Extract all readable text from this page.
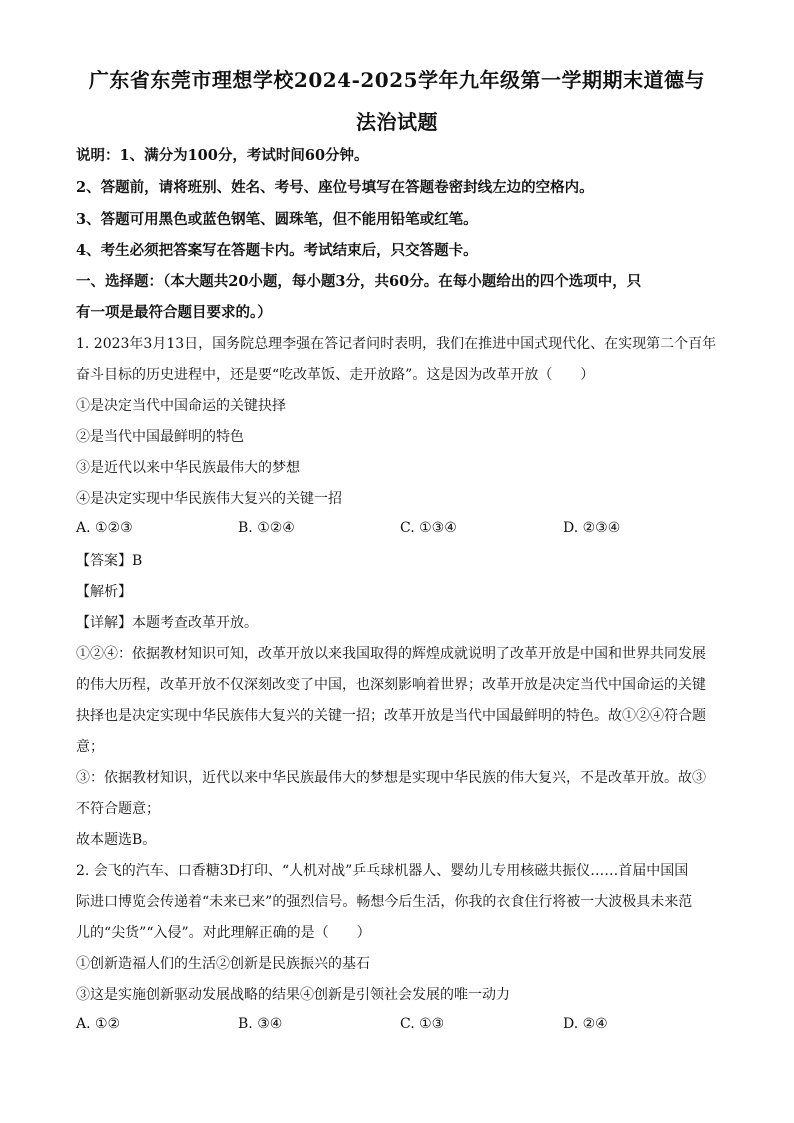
广东省东莞市理想学校2024-2025学年九年级第一学期期末道德与
法治试题
说明：1、满分为100分，考试时间60分钟。
2、答题前，请将班别、姓名、考号、座位号填写在答题卷密封线左边的空格内。
3、答题可用黑色或蓝色钢笔、圆珠笔，但不能用铅笔或红笔。
4、考生必须把答案写在答题卡内。考试结束后，只交答题卡。
一、选择题：（本大题共20小题，每小题3分，共60分。在每小题给出的四个选项中，只
有一项是最符合题目要求的。）
1. 2023年3月13日，国务院总理李强在答记者问时表明，我们在推进中国式现代化、在实现第二个百年
奋斗目标的历史进程中，还是要“吃改革饭、走开放路”。这是因为改革开放（　　）
①是决定当代中国命运的关键抉择
②是当代中国最鲜明的特色
③是近代以来中华民族最伟大的梦想
④是决定实现中华民族伟大复兴的关键一招
A. ①②③	B. ①②④	C. ①③④	D. ②③④
【答案】B
【解析】
【详解】本题考查改革开放。
①②④：依据教材知识可知，改革开放以来我国取得的辉煌成就说明了改革开放是中国和世界共同发展
的伟大历程，改革开放不仅深刻改变了中国，也深刻影响着世界；改革开放是决定当代中国命运的关键
抉择也是决定实现中华民族伟大复兴的关键一招；改革开放是当代中国最鲜明的特色。故①②④符合题
意；
③：依据教材知识，近代以来中华民族最伟大的梦想是实现中华民族的伟大复兴，不是改革开放。故③
不符合题意；
故本题选B。
2. 会飞的汽车、口香糖3D打印、“人机对战”乒乓球机器人、婴幼儿专用核磁共振仪……首届中国国
际进口博览会传递着“未来已来”的强烈信号。畅想今后生活，你我的衣食住行将被一大波极具未来范
儿的“尖货”“入侵”。对此理解正确的是（　　）
①创新造福人们的生活②创新是民族振兴的基石
③这是实施创新驱动发展战略的结果④创新是引领社会发展的唯一动力
A. ①②	B. ③④	C. ①③	D. ②④
